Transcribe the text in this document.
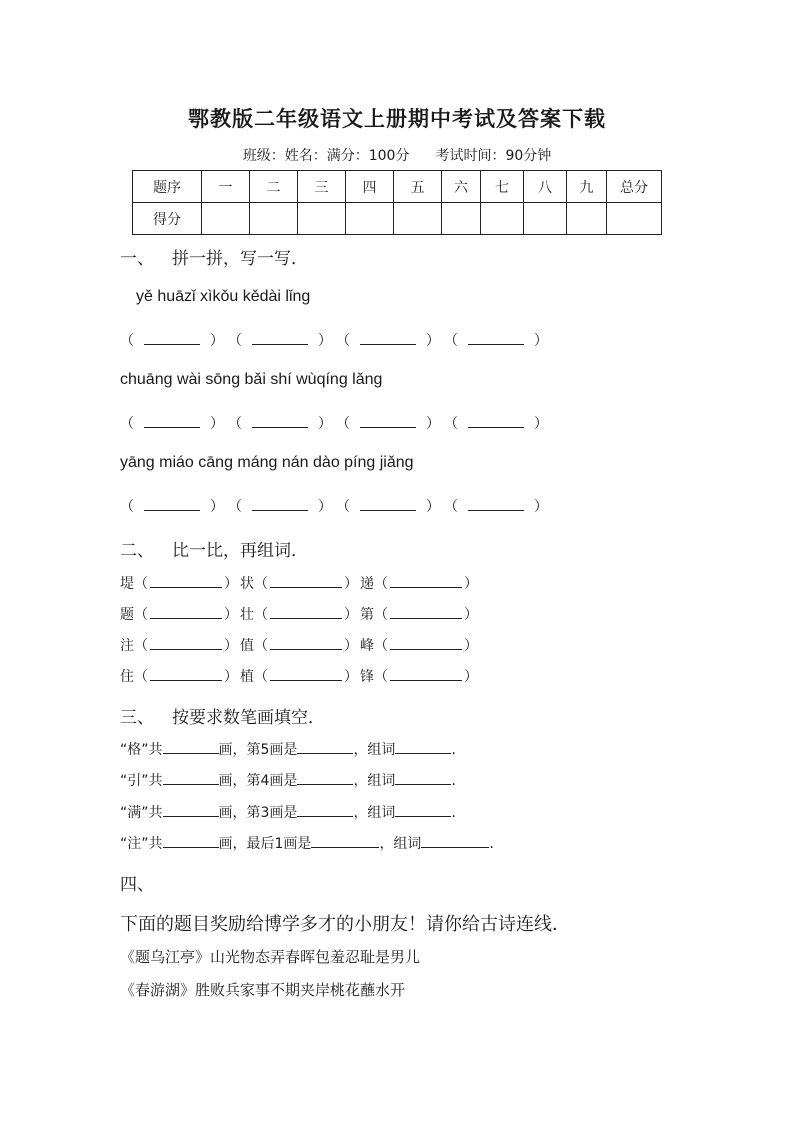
鄂教版二年级语文上册期中考试及答案下载
班级：姓名：满分：100分 考试时间：90分钟
题序	一	二	三	四	五	六	七	八	九	总分
得分										
一、 拼一拼，写一写．
yě huāzǐ xìkǒu kědài lǐng
（	） （	） （	） （	）
chuāng wài sōng bǎi shí wùqíng lǎng
（	） （	） （	） （	）
yāng miáo cāng máng nán dào píng jiǎng
（	） （	） （	） （	）
二、 比一比，再组词．
堤（	） 状（	） 递（	）
题（	） 壮（	） 第（	）
注（	） 值（	） 峰（	）
住（	） 植（	） 锋（	）
三、 按要求数笔画填空．
“格”共	画，第5画是	，组词	．
“引”共	画，第4画是	，组词	．
“满”共	画，第3画是	，组词	．
“注”共	画，最后1画是	，组词	．
四、
下面的题目奖励给博学多才的小朋友！请你给古诗连线．
《题乌江亭》山光物态弄春晖包羞忍耻是男儿
《春游湖》胜败兵家事不期夹岸桃花蘸水开
